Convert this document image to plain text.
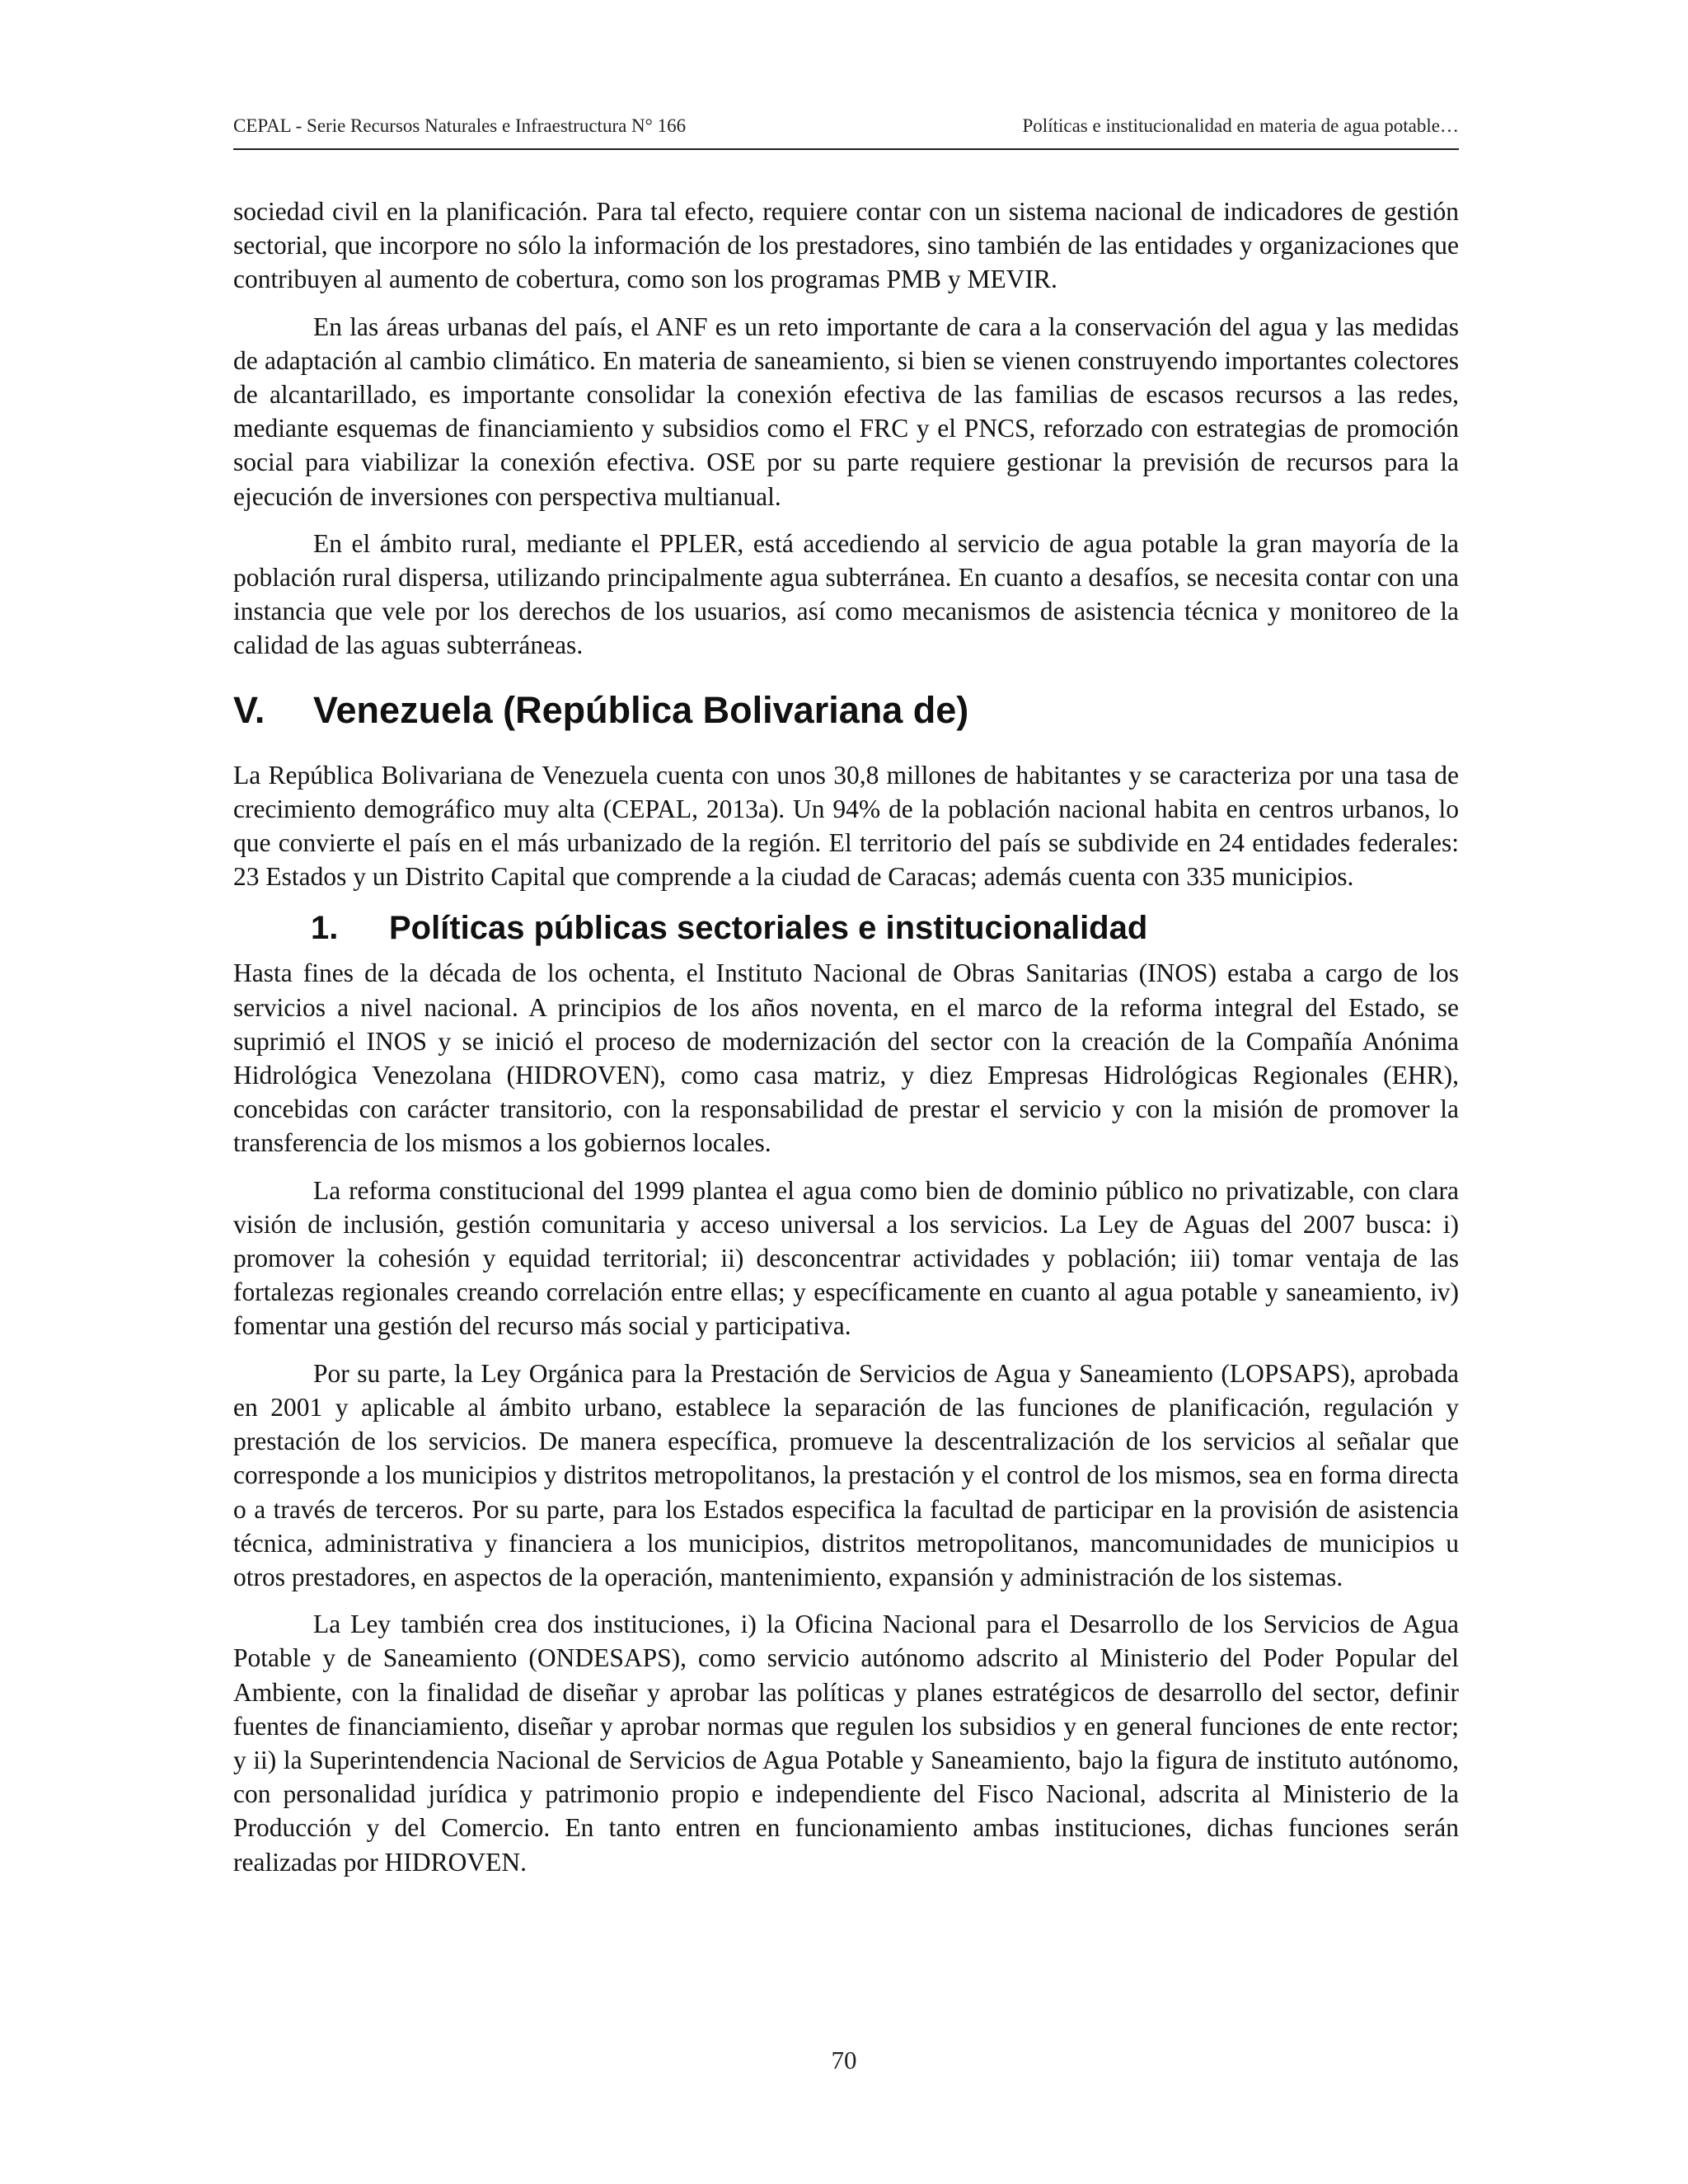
CEPAL - Serie Recursos Naturales e Infraestructura N° 166	Políticas e institucionalidad en materia de agua potable…

sociedad civil en la planificación. Para tal efecto, requiere contar con un sistema nacional de indicadores de gestión sectorial, que incorpore no sólo la información de los prestadores, sino también de las entidades y organizaciones que contribuyen al aumento de cobertura, como son los programas PMB y MEVIR.

En las áreas urbanas del país, el ANF es un reto importante de cara a la conservación del agua y las medidas de adaptación al cambio climático. En materia de saneamiento, si bien se vienen construyendo importantes colectores de alcantarillado, es importante consolidar la conexión efectiva de las familias de escasos recursos a las redes, mediante esquemas de financiamiento y subsidios como el FRC y el PNCS, reforzado con estrategias de promoción social para viabilizar la conexión efectiva. OSE por su parte requiere gestionar la previsión de recursos para la ejecución de inversiones con perspectiva multianual.

En el ámbito rural, mediante el PPLER, está accediendo al servicio de agua potable la gran mayoría de la población rural dispersa, utilizando principalmente agua subterránea. En cuanto a desafíos, se necesita contar con una instancia que vele por los derechos de los usuarios, así como mecanismos de asistencia técnica y monitoreo de la calidad de las aguas subterráneas.

V. Venezuela (República Bolivariana de)

La República Bolivariana de Venezuela cuenta con unos 30,8 millones de habitantes y se caracteriza por una tasa de crecimiento demográfico muy alta (CEPAL, 2013a). Un 94% de la población nacional habita en centros urbanos, lo que convierte el país en el más urbanizado de la región. El territorio del país se subdivide en 24 entidades federales: 23 Estados y un Distrito Capital que comprende a la ciudad de Caracas; además cuenta con 335 municipios.

1. Políticas públicas sectoriales e institucionalidad

Hasta fines de la década de los ochenta, el Instituto Nacional de Obras Sanitarias (INOS) estaba a cargo de los servicios a nivel nacional. A principios de los años noventa, en el marco de la reforma integral del Estado, se suprimió el INOS y se inició el proceso de modernización del sector con la creación de la Compañía Anónima Hidrológica Venezolana (HIDROVEN), como casa matriz, y diez Empresas Hidrológicas Regionales (EHR), concebidas con carácter transitorio, con la responsabilidad de prestar el servicio y con la misión de promover la transferencia de los mismos a los gobiernos locales.

La reforma constitucional del 1999 plantea el agua como bien de dominio público no privatizable, con clara visión de inclusión, gestión comunitaria y acceso universal a los servicios. La Ley de Aguas del 2007 busca: i) promover la cohesión y equidad territorial; ii) desconcentrar actividades y población; iii) tomar ventaja de las fortalezas regionales creando correlación entre ellas; y específicamente en cuanto al agua potable y saneamiento, iv) fomentar una gestión del recurso más social y participativa.

Por su parte, la Ley Orgánica para la Prestación de Servicios de Agua y Saneamiento (LOPSAPS), aprobada en 2001 y aplicable al ámbito urbano, establece la separación de las funciones de planificación, regulación y prestación de los servicios. De manera específica, promueve la descentralización de los servicios al señalar que corresponde a los municipios y distritos metropolitanos, la prestación y el control de los mismos, sea en forma directa o a través de terceros. Por su parte, para los Estados especifica la facultad de participar en la provisión de asistencia técnica, administrativa y financiera a los municipios, distritos metropolitanos, mancomunidades de municipios u otros prestadores, en aspectos de la operación, mantenimiento, expansión y administración de los sistemas.

La Ley también crea dos instituciones, i) la Oficina Nacional para el Desarrollo de los Servicios de Agua Potable y de Saneamiento (ONDESAPS), como servicio autónomo adscrito al Ministerio del Poder Popular del Ambiente, con la finalidad de diseñar y aprobar las políticas y planes estratégicos de desarrollo del sector, definir fuentes de financiamiento, diseñar y aprobar normas que regulen los subsidios y en general funciones de ente rector; y ii) la Superintendencia Nacional de Servicios de Agua Potable y Saneamiento, bajo la figura de instituto autónomo, con personalidad jurídica y patrimonio propio e independiente del Fisco Nacional, adscrita al Ministerio de la Producción y del Comercio. En tanto entren en funcionamiento ambas instituciones, dichas funciones serán realizadas por HIDROVEN.

70
